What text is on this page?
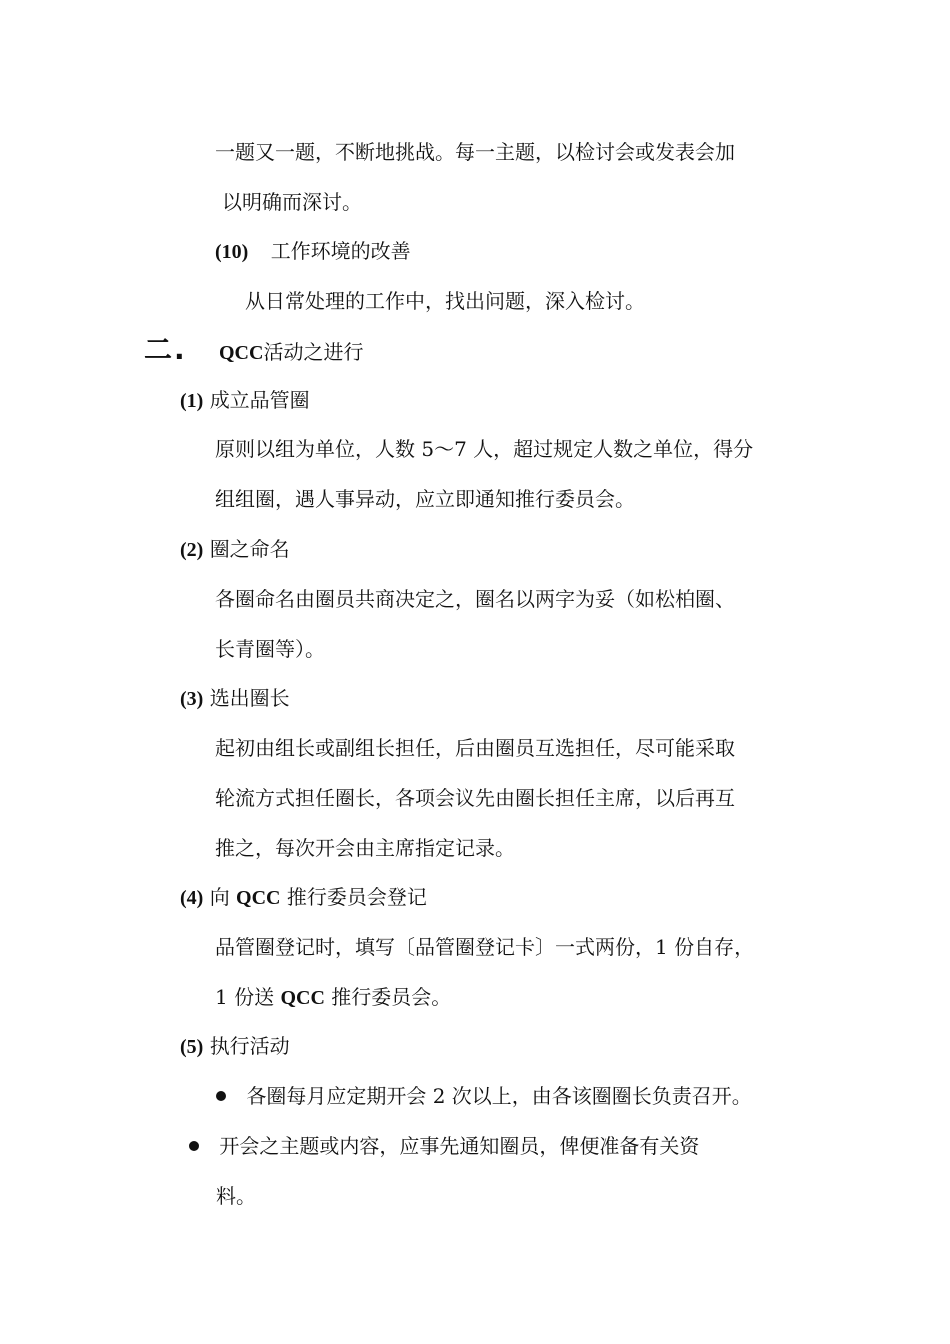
一题又一题，不断地挑战。每一主题，以检讨会或发表会加
以明确而深讨。
(10) 工作环境的改善
从日常处理的工作中，找出问题，深入检讨。
二. QCC活动之进行
(1) 成立品管圈
原则以组为单位，人数 5～7 人，超过规定人数之单位，得分
组组圈，遇人事异动，应立即通知推行委员会。
(2) 圈之命名
各圈命名由圈员共商决定之，圈名以两字为妥（如松柏圈、
长青圈等）。
(3) 选出圈长
起初由组长或副组长担任，后由圈员互选担任，尽可能采取
轮流方式担任圈长，各项会议先由圈长担任主席，以后再互
推之，每次开会由主席指定记录。
(4) 向 QCC 推行委员会登记
品管圈登记时，填写〔品管圈登记卡〕一式两份，1 份自存，
1 份送 QCC 推行委员会。
(5) 执行活动
各圈每月应定期开会 2 次以上，由各该圈圈长负责召开。
开会之主题或内容，应事先通知圈员，俾便准备有关资
料。
